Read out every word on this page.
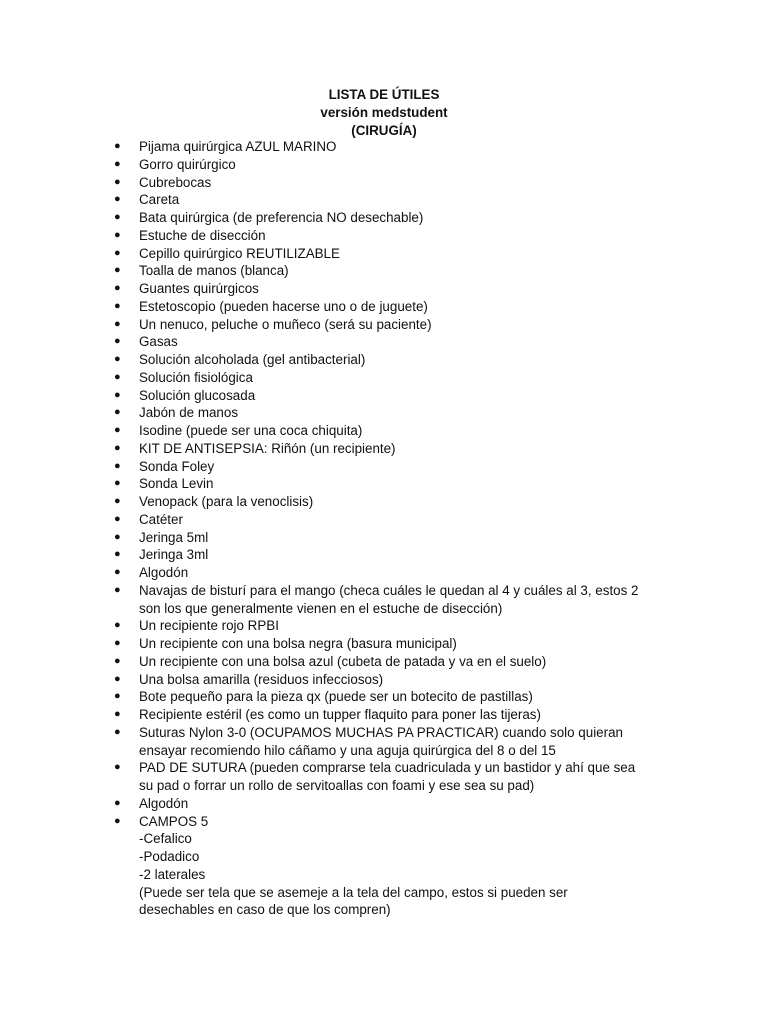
LISTA DE ÚTILES
versión medstudent
(CIRUGÍA)
● Pijama quirúrgica AZUL MARINO
● Gorro quirúrgico
● Cubrebocas
● Careta
● Bata quirúrgica (de preferencia NO desechable)
● Estuche de disección
● Cepillo quirúrgico REUTILIZABLE
● Toalla de manos (blanca)
● Guantes quirúrgicos
● Estetoscopio (pueden hacerse uno o de juguete)
● Un nenuco, peluche o muñeco (será su paciente)
● Gasas
● Solución alcoholada (gel antibacterial)
● Solución fisiológica
● Solución glucosada
● Jabón de manos
● Isodine (puede ser una coca chiquita)
● KIT DE ANTISEPSIA: Riñón (un recipiente)
● Sonda Foley
● Sonda Levin
● Venopack (para la venoclisis)
● Catéter
● Jeringa 5ml
● Jeringa 3ml
● Algodón
● Navajas de bisturí para el mango (checa cuáles le quedan al 4 y cuáles al 3, estos 2
son los que generalmente vienen en el estuche de disección)
● Un recipiente rojo RPBI
● Un recipiente con una bolsa negra (basura municipal)
● Un recipiente con una bolsa azul (cubeta de patada y va en el suelo)
● Una bolsa amarilla (residuos infecciosos)
● Bote pequeño para la pieza qx (puede ser un botecito de pastillas)
● Recipiente estéril (es como un tupper flaquito para poner las tijeras)
● Suturas Nylon 3-0 (OCUPAMOS MUCHAS PA PRACTICAR) cuando solo quieran
ensayar recomiendo hilo cáñamo y una aguja quirúrgica del 8 o del 15
● PAD DE SUTURA (pueden comprarse tela cuadriculada y un bastidor y ahí que sea
su pad o forrar un rollo de servitoallas con foami y ese sea su pad)
● Algodón
● CAMPOS 5
-Cefalico
-Podadico
-2 laterales
(Puede ser tela que se asemeje a la tela del campo, estos si pueden ser
desechables en caso de que los compren)
